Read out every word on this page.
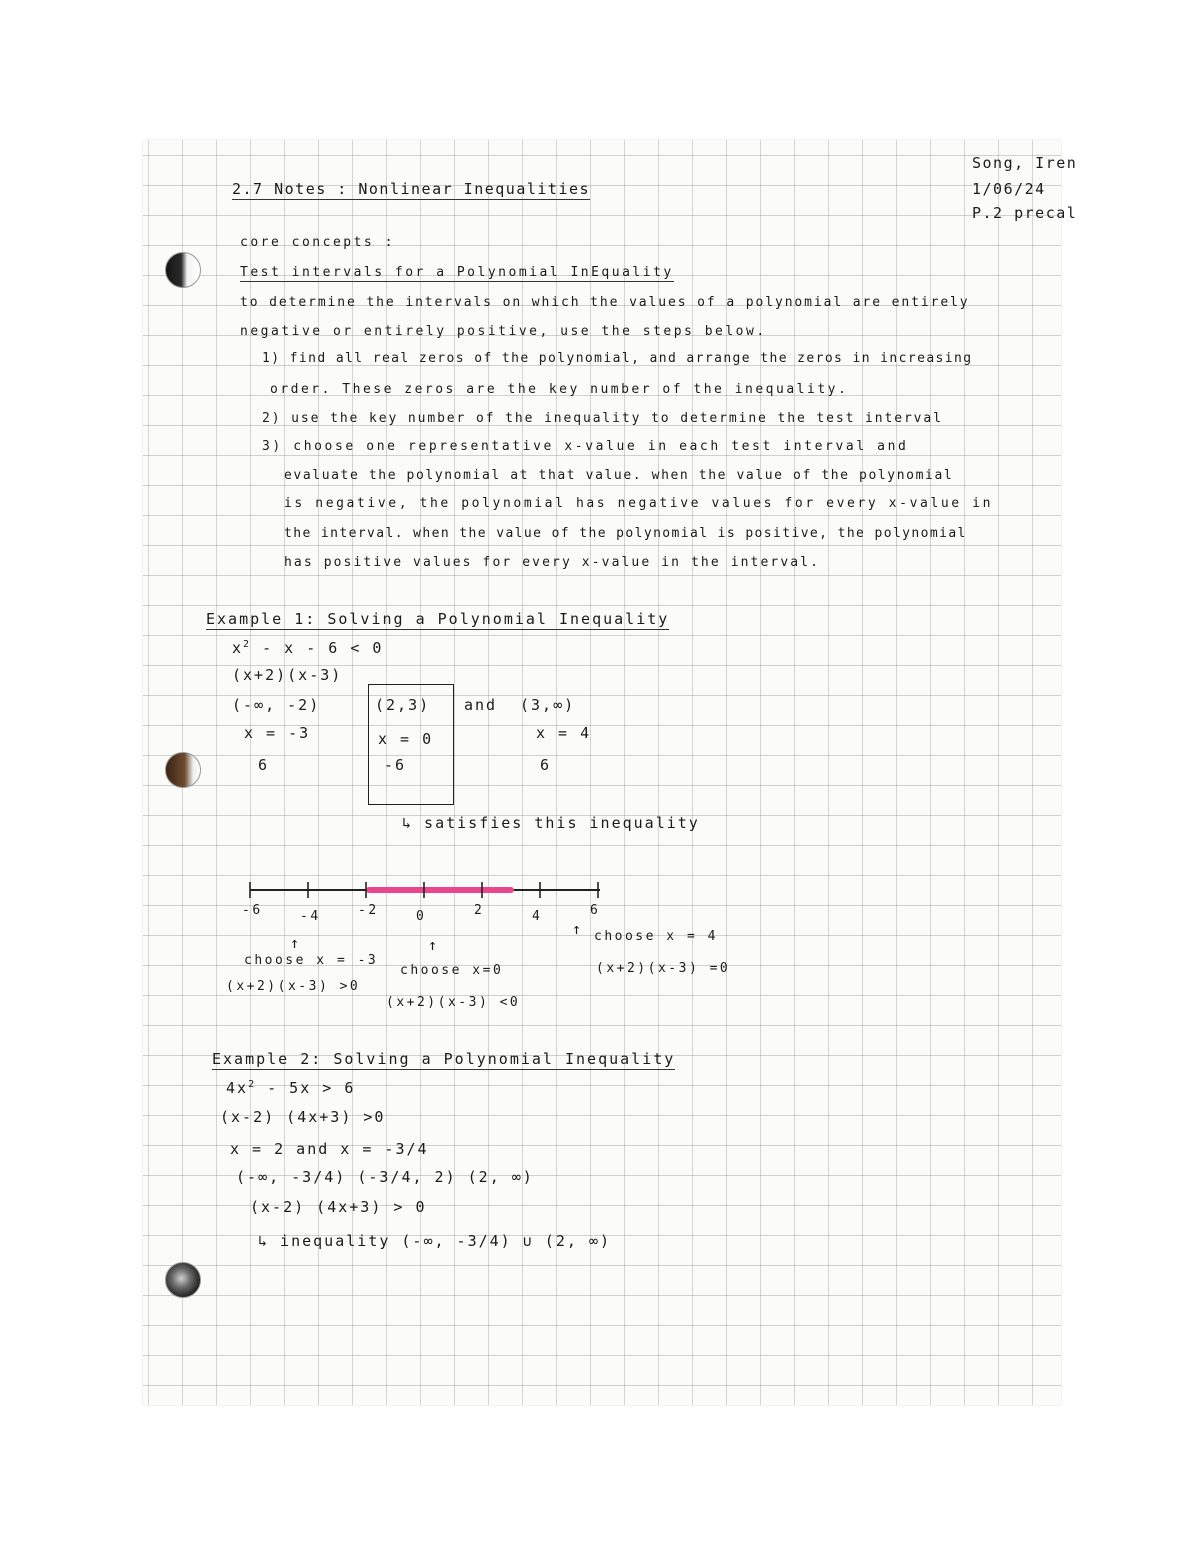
Song, Iren
1/06/24
P.2 precal
2.7 Notes : Nonlinear Inequalities
core concepts :
Test intervals for a Polynomial InEquality
to determine the intervals on which the values of a polynomial are entirely
negative or entirely positive, use the steps below.
1) find all real zeros of the polynomial, and arrange the zeros in increasing
order. These zeros are the key number of the inequality.
2) use the key number of the inequality to determine the test interval
3) choose one representative x-value in each test interval and
evaluate the polynomial at that value. when the value of the polynomial
is negative, the polynomial has negative values for every x-value in
the interval. when the value of the polynomial is positive, the polynomial
has positive values for every x-value in the interval.
Example 1: Solving a Polynomial Inequality
$x^2 - x - 6 < 0$
(x+2)(x-3)
(-∞, -2)	(2,3) and (3,∞)
x = -3	x = 0	x = 4
6	-6	6
↳ satisfies this inequality
-6	-4	-2	0	2	4	6
↑	↑
↑
choose x = -3
choose x=0
choose x = 4
(x+2)(x-3) >0
(x+2)(x-3) <0
(x+2)(x-3) =0
Example 2: Solving a Polynomial Inequality
$4x^2 - 5x > 6$
(x-2) (4x+3) >0
x = 2 and x = -3/4
(-∞, -3/4) (-3/4, 2) (2, ∞)
(x-2) (4x+3) > 0
↳ inequality (-∞, -3/4) ∪ (2, ∞)
